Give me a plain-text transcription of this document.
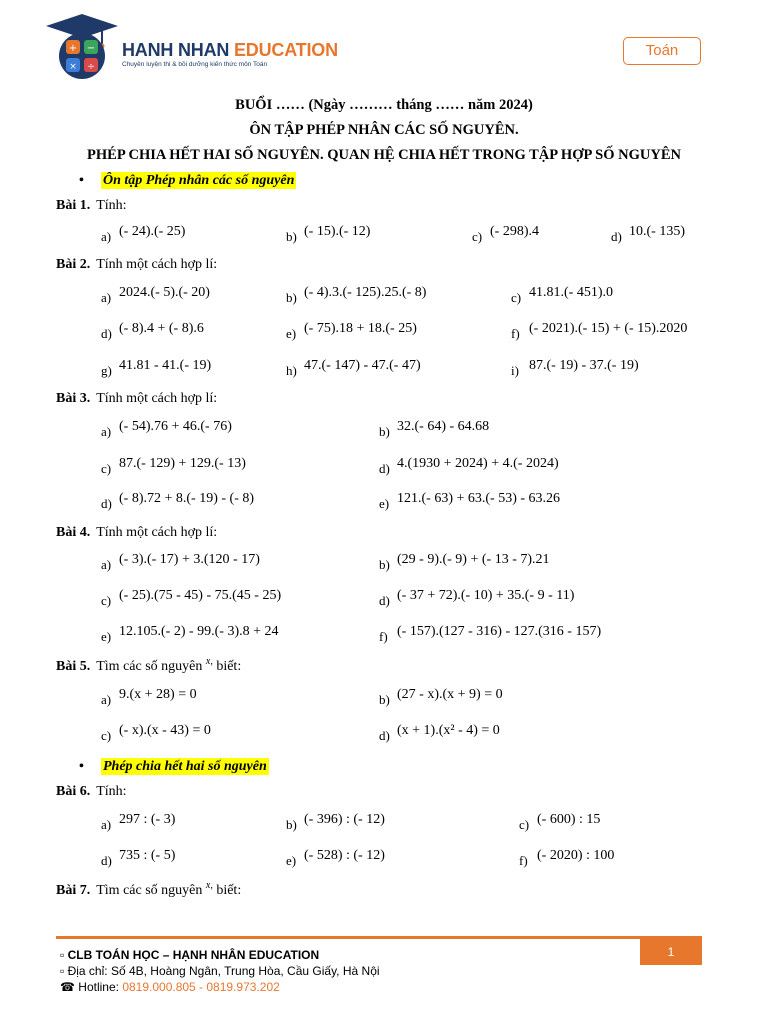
+ −
× ÷
HANH NHAN EDUCATION
Chuyên luyện thi & bồi dưỡng kiến thức môn Toán
Toán
BUỔI …… (Ngày ……… tháng …… năm 2024)
ÔN TẬP PHÉP NHÂN CÁC SỐ NGUYÊN.
PHÉP CHIA HẾT HAI SỐ NGUYÊN. QUAN HỆ CHIA HẾT TRONG TẬP HỢP SỐ NGUYÊN
• Ôn tập Phép nhân các số nguyên
Bài 1. Tính:
a) (- 24).(- 25)	b) (- 15).(- 12)	c) (- 298).4	d) 10.(- 135)
Bài 2. Tính một cách hợp lí:
a) 2024.(- 5).(- 20)	b) (- 4).3.(- 125).25.(- 8)	c) 41.81.(- 451).0
d) (- 8).4 + (- 8).6	e) (- 75).18 + 18.(- 25)	f) (- 2021).(- 15) + (- 15).2020
g) 41.81 - 41.(- 19)	h) 47.(- 147) - 47.(- 47)	i) 87.(- 19) - 37.(- 19)
Bài 3. Tính một cách hợp lí:
a) (- 54).76 + 46.(- 76)	b) 32.(- 64) - 64.68
c) 87.(- 129) + 129.(- 13)	d) 4.(1930 + 2024) + 4.(- 2024)
d) (- 8).72 + 8.(- 19) - (- 8)	e) 121.(- 63) + 63.(- 53) - 63.26
Bài 4. Tính một cách hợp lí:
a) (- 3).(- 17) + 3.(120 - 17)	b) (29 - 9).(- 9) + (- 13 - 7).21
c) (- 25).(75 - 45) - 75.(45 - 25)	d) (- 37 + 72).(- 10) + 35.(- 9 - 11)
e) 12.105.(- 2) - 99.(- 3).8 + 24	f) (- 157).(127 - 316) - 127.(316 - 157)
Bài 5. Tìm các số nguyên $^{x,}$ biết:
a) 9.(x + 28) = 0	b) (27 - x).(x + 9) = 0
c) (- x).(x - 43) = 0	d) (x + 1).(x² - 4) = 0
• Phép chia hết hai số nguyên
Bài 6. Tính:
a) 297 : (- 3)	b) (- 396) : (- 12)	c) (- 600) : 15
d) 735 : (- 5)	e) (- 528) : (- 12)	f) (- 2020) : 100
Bài 7. Tìm các số nguyên $^{x,}$ biết:
1
▫ CLB TOÁN HỌC – HẠNH NHÂN EDUCATION
▫ Địa chỉ: Số 4B, Hoàng Ngân, Trung Hòa, Cầu Giấy, Hà Nội
☎ Hotline: 0819.000.805 - 0819.973.202
